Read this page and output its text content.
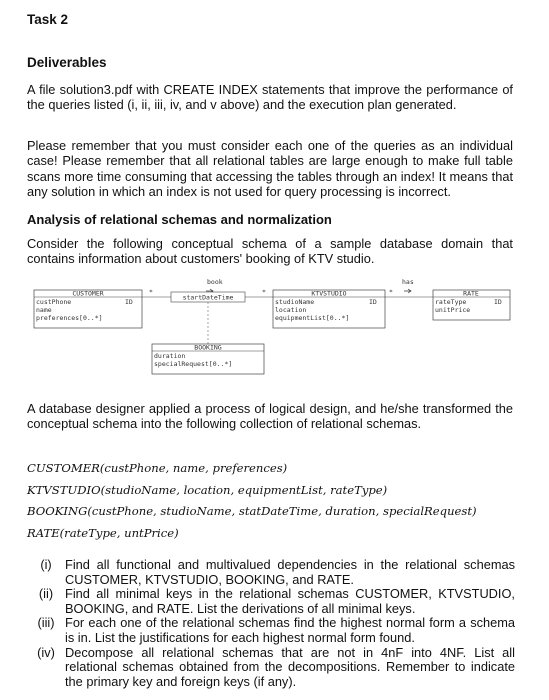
Task 2
Deliverables
A file solution3.pdf with CREATE INDEX statements that improve the performance of the queries listed (i, ii, iii, iv, and v above) and the execution plan generated.
Please remember that you must consider each one of the queries as an individual case! Please remember that all relational tables are large enough to make full table scans more time consuming that accessing the tables through an index! It means that any solution in which an index is not used for query processing is incorrect.
Analysis of relational schemas and normalization
Consider the following conceptual schema of a sample database domain that contains information about customers' booking of KTV studio.
book	has
CUSTOMER
custPhone
name
preferences[0..*]
ID
*
startDateTime
*	KTVSTUDIO
studioName
location
equipmentList[0..*]
ID
*	RATE
rateType
unitPrice
ID
BOOKING
duration
specialRequest[0..*]
A database designer applied a process of logical design, and he/she transformed the conceptual schema into the following collection of relational schemas.
CUSTOMER(custPhone, name, preferences)
KTVSTUDIO(studioName, location, equipmentList, rateType)
BOOKING(custPhone, studioName, statDateTime, duration, specialRequest)
RATE(rateType, untPrice)
(i)	Find all functional and multivalued dependencies in the relational schemas CUSTOMER, KTVSTUDIO, BOOKING, and RATE.
(ii) Find all minimal keys in the relational schemas CUSTOMER, KTVSTUDIO, BOOKING, and RATE. List the derivations of all minimal keys.
(iii) For each one of the relational schemas find the highest normal form a schema is in. List the justifications for each highest normal form found.
(iv) Decompose all relational schemas that are not in 4nF into 4NF. List all relational schemas obtained from the decompositions. Remember to indicate the primary key and foreign keys (if any).
